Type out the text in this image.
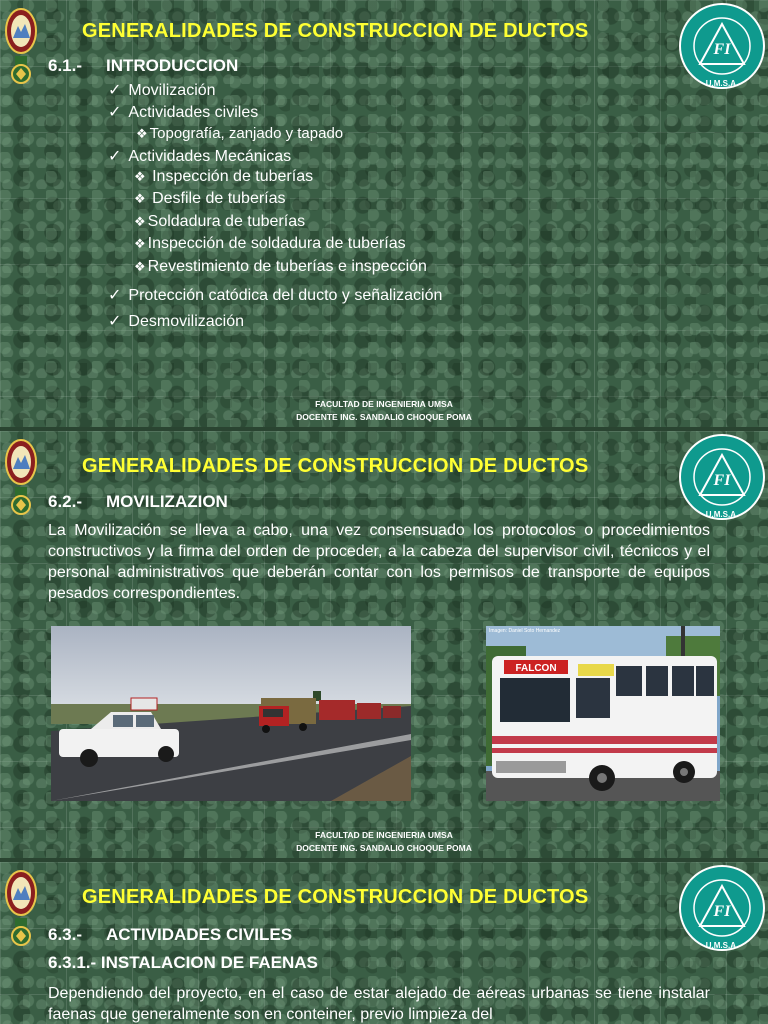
GENERALIDADES DE CONSTRUCCION DE DUCTOS
FI
U.M.S.A.
6.1.- INTRODUCCION
✓ Movilización
✓ Actividades civiles
❖ Topografía, zanjado y tapado
✓ Actividades Mecánicas
❖ Inspección de tuberías
❖ Desfile de tuberías
❖ Soldadura de tuberías
❖ Inspección de soldadura de tuberías
❖ Revestimiento de tuberías e inspección
✓ Protección catódica del ducto y señalización
✓ Desmovilización
FACULTAD DE INGENIERIA UMSA
DOCENTE ING. SANDALIO CHOQUE POMA
GENERALIDADES DE CONSTRUCCION DE DUCTOS
FI
U.M.S.A.
6.2.- MOVILIZAZION
La Movilización se lleva a cabo, una vez consensuado los protocolos o procedimientos constructivos y la firma del orden de proceder, a la cabeza del supervisor civil, técnicos y el personal administrativos que deberán contar con los permisos de transporte de equipos pesados correspondientes.
FALCON
Imagen: Daniel Soto Hernandez
FACULTAD DE INGENIERIA UMSA
DOCENTE ING. SANDALIO CHOQUE POMA
GENERALIDADES DE CONSTRUCCION DE DUCTOS
FI
U.M.S.A.
6.3.- ACTIVIDADES CIVILES
6.3.1.- INSTALACION DE FAENAS
Dependiendo del proyecto, en el caso de estar alejado de aéreas urbanas se tiene instalar faenas que generalmente son en conteiner, previo limpieza del
